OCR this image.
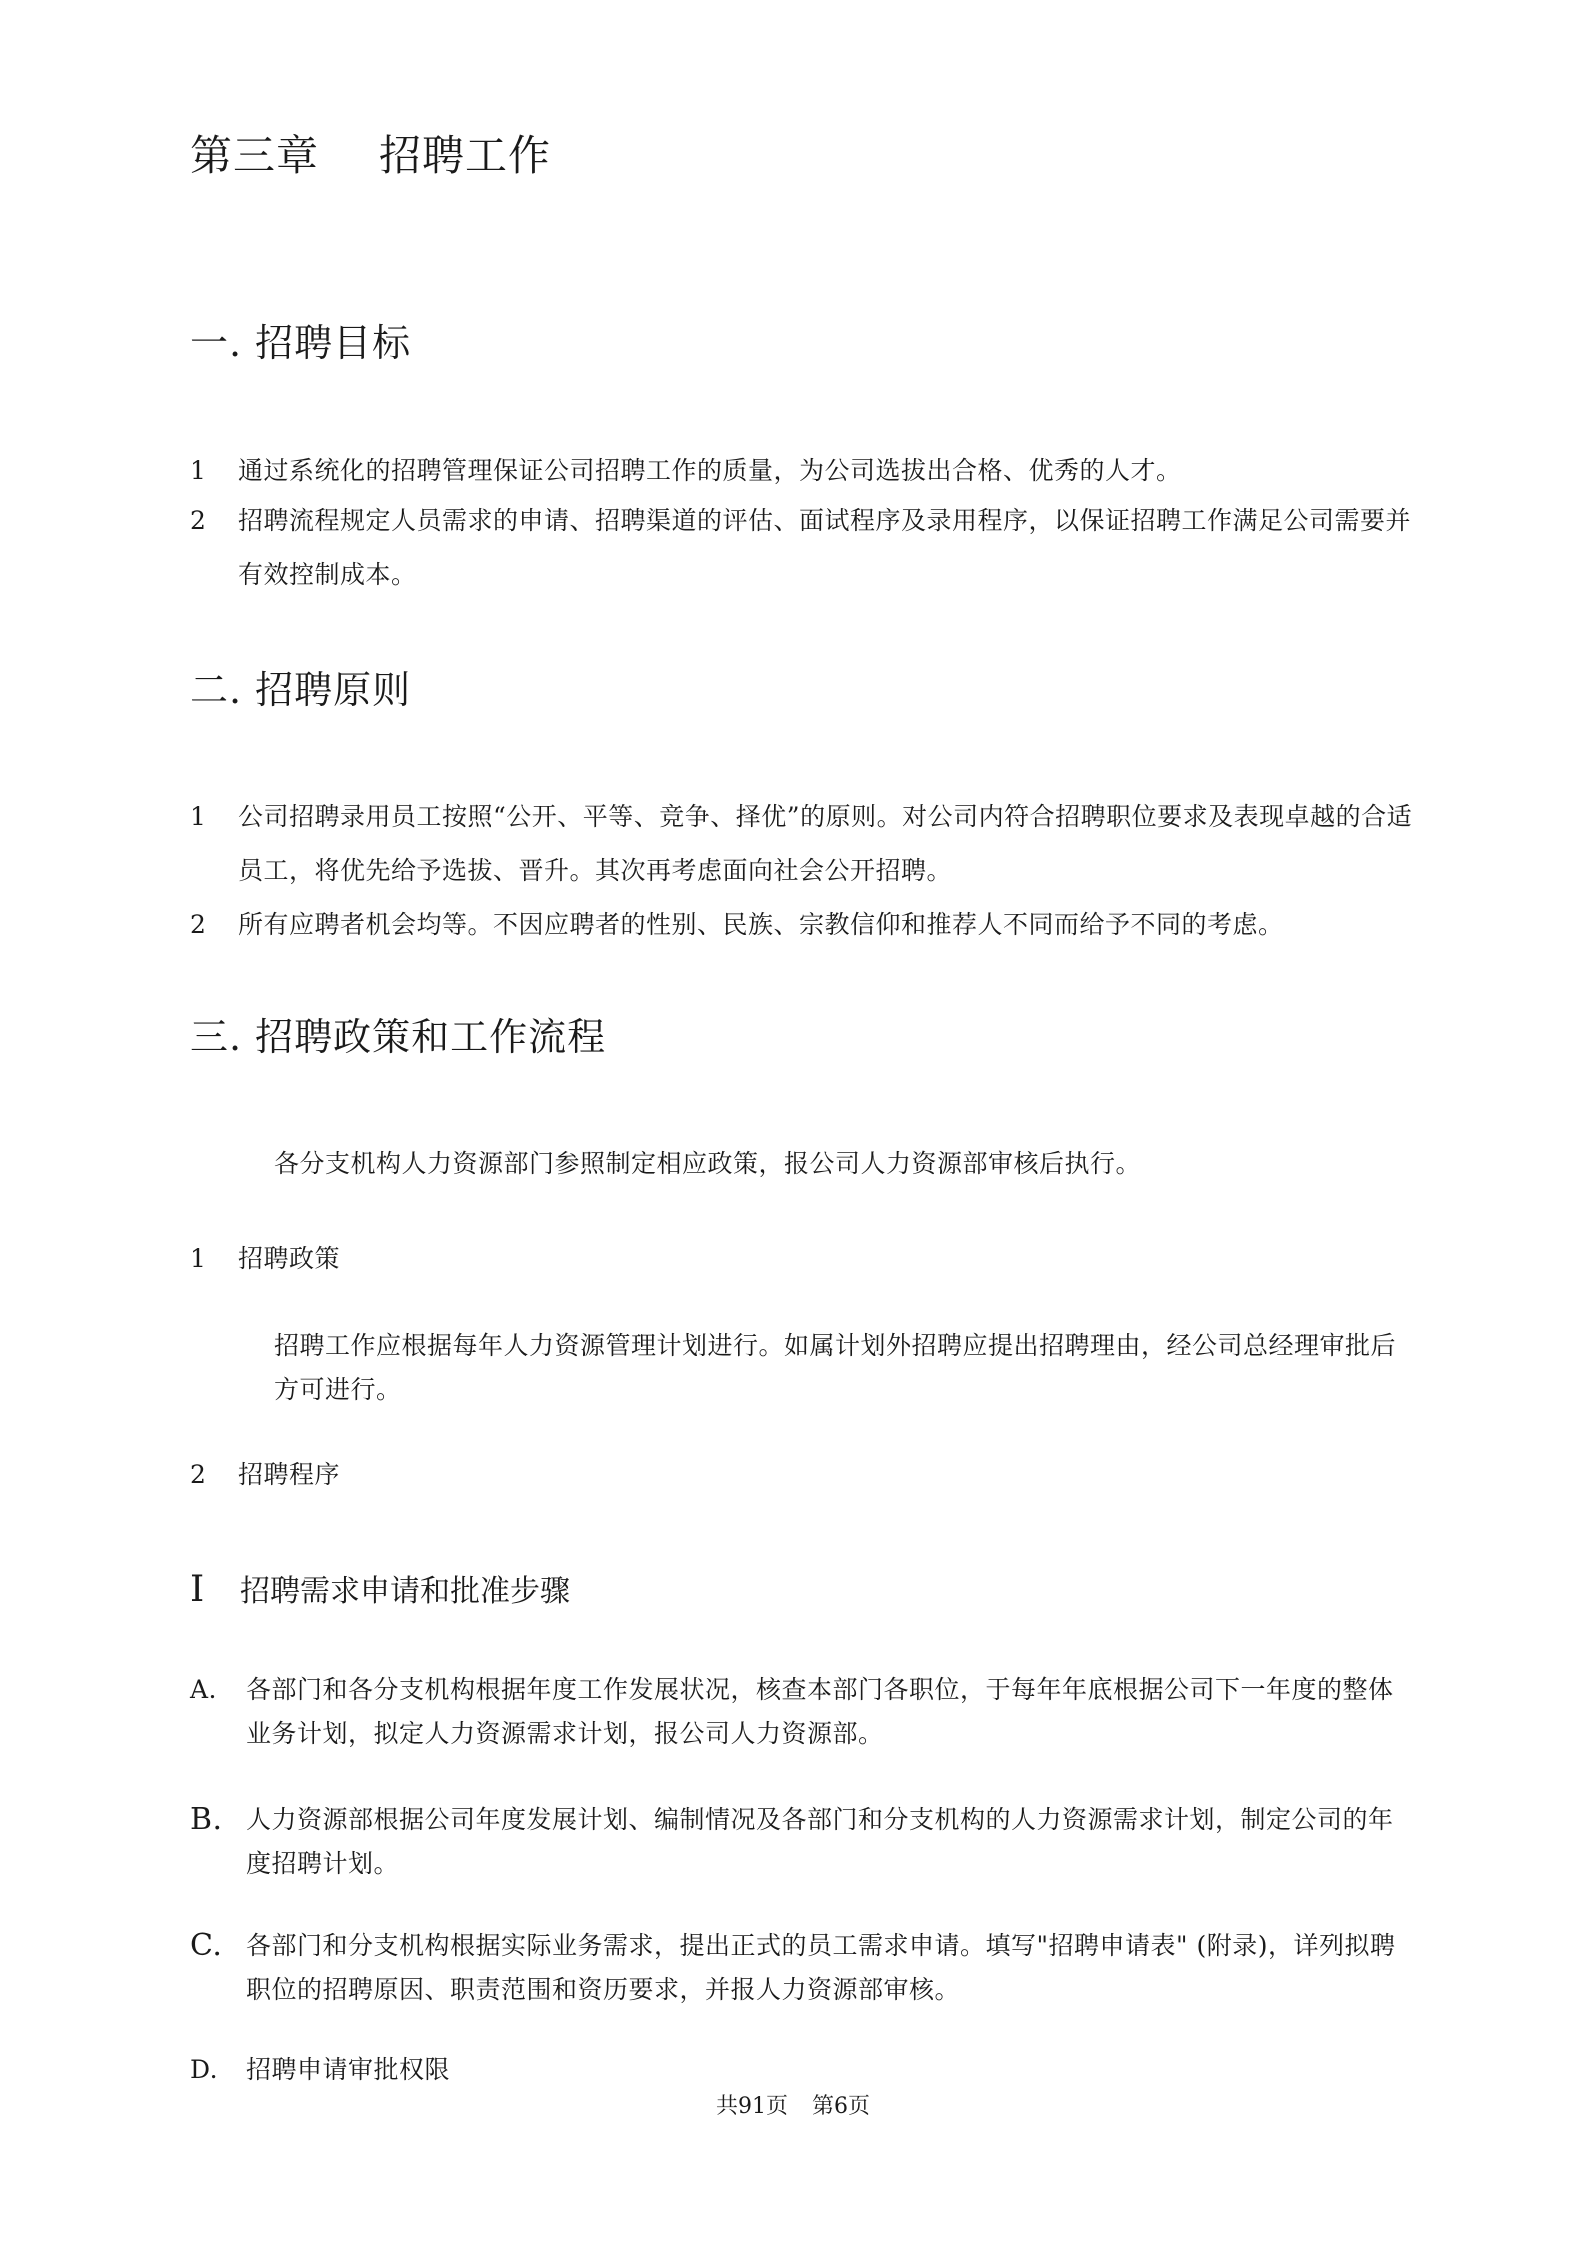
第三章 招聘工作
一. 招聘目标
1 通过系统化的招聘管理保证公司招聘工作的质量，为公司选拔出合格、优秀的人才。
2 招聘流程规定人员需求的申请、招聘渠道的评估、面试程序及录用程序，以保证招聘工作满足公司需要并有效控制成本。
二. 招聘原则
1 公司招聘录用员工按照“公开、平等、竞争、择优”的原则。对公司内符合招聘职位要求及表现卓越的合适员工，将优先给予选拔、晋升。其次再考虑面向社会公开招聘。
2 所有应聘者机会均等。不因应聘者的性别、民族、宗教信仰和推荐人不同而给予不同的考虑。
三. 招聘政策和工作流程
各分支机构人力资源部门参照制定相应政策，报公司人力资源部审核后执行。
1 招聘政策
招聘工作应根据每年人力资源管理计划进行。如属计划外招聘应提出招聘理由，经公司总经理审批后方可进行。
2 招聘程序
I 招聘需求申请和批准步骤
A. 各部门和各分支机构根据年度工作发展状况，核查本部门各职位，于每年年底根据公司下一年度的整体业务计划，拟定人力资源需求计划，报公司人力资源部。
B. 人力资源部根据公司年度发展计划、编制情况及各部门和分支机构的人力资源需求计划，制定公司的年度招聘计划。
C. 各部门和分支机构根据实际业务需求，提出正式的员工需求申请。填写"招聘申请表" (附录)，详列拟聘职位的招聘原因、职责范围和资历要求，并报人力资源部审核。
D. 招聘申请审批权限
共91页 第6页
